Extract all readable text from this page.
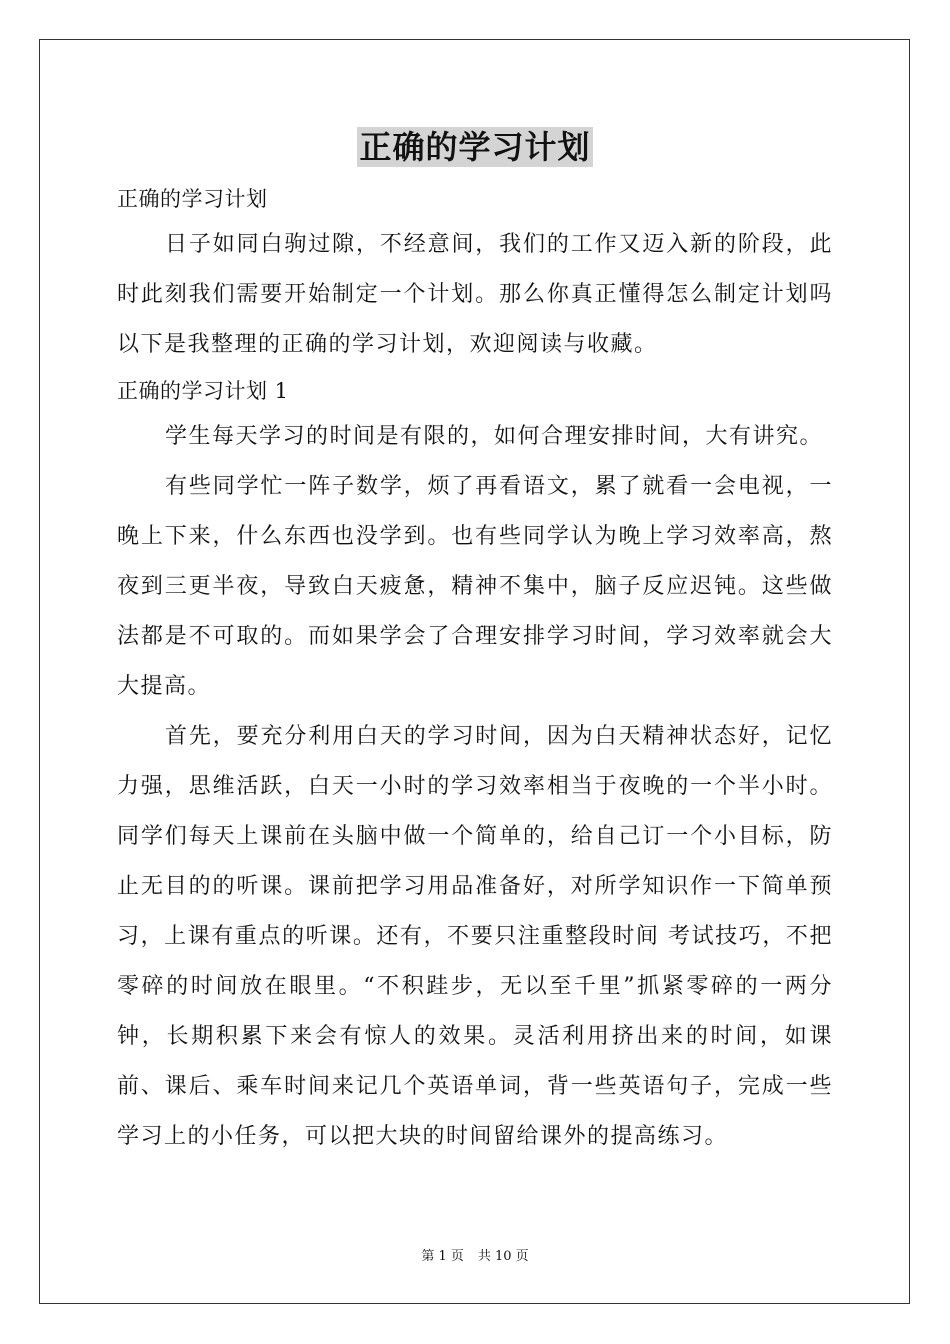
正确的学习计划

正确的学习计划

日子如同白驹过隙，不经意间，我们的工作又迈入新的阶段，此时此刻我们需要开始制定一个计划。那么你真正懂得怎么制定计划吗以下是我整理的正确的学习计划，欢迎阅读与收藏。

正确的学习计划 1

学生每天学习的时间是有限的，如何合理安排时间，大有讲究。

有些同学忙一阵子数学，烦了再看语文，累了就看一会电视，一晚上下来，什么东西也没学到。也有些同学认为晚上学习效率高，熬夜到三更半夜，导致白天疲惫，精神不集中，脑子反应迟钝。这些做法都是不可取的。而如果学会了合理安排学习时间，学习效率就会大大提高。

首先，要充分利用白天的学习时间，因为白天精神状态好，记忆力强，思维活跃，白天一小时的学习效率相当于夜晚的一个半小时。同学们每天上课前在头脑中做一个简单的，给自己订一个小目标，防止无目的的听课。课前把学习用品准备好，对所学知识作一下简单预习，上课有重点的听课。还有，不要只注重整段时间 考试技巧，不把零碎的时间放在眼里。“不积跬步，无以至千里”抓紧零碎的一两分钟，长期积累下来会有惊人的效果。灵活利用挤出来的时间，如课前、课后、乘车时间来记几个英语单词，背一些英语句子，完成一些学习上的小任务，可以把大块的时间留给课外的提高练习。

第 1 页 共 10 页
